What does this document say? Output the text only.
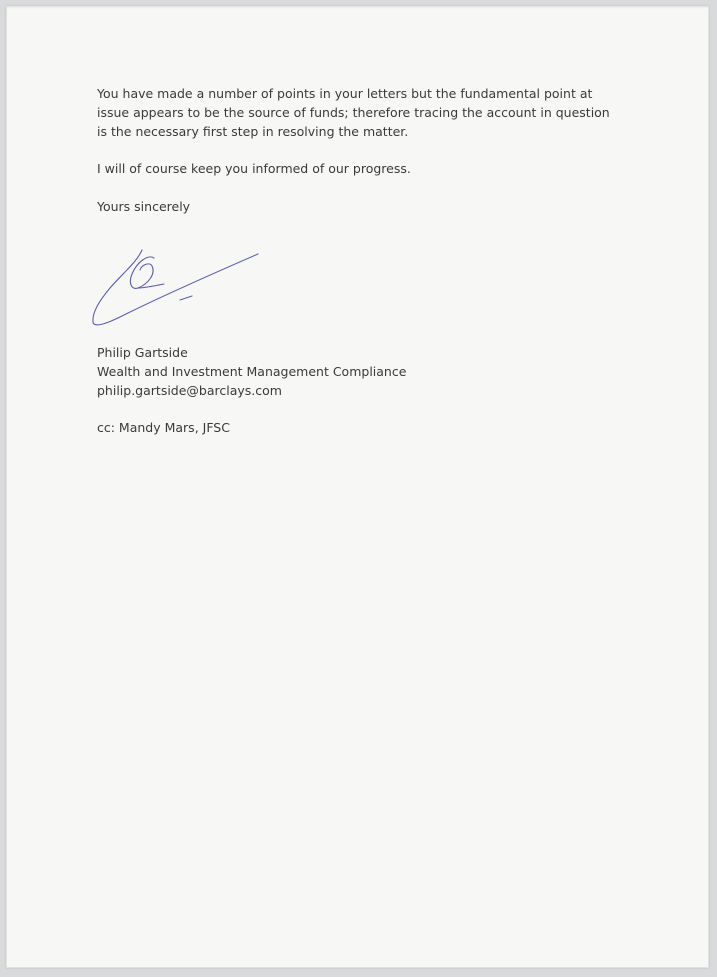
You have made a number of points in your letters but the fundamental point at issue appears to be the source of funds; therefore tracing the account in question is the necessary first step in resolving the matter.

I will of course keep you informed of our progress.

Yours sincerely

Philip Gartside

Wealth and Investment Management Compliance

philip.gartside@barclays.com

cc: Mandy Mars, JFSC
